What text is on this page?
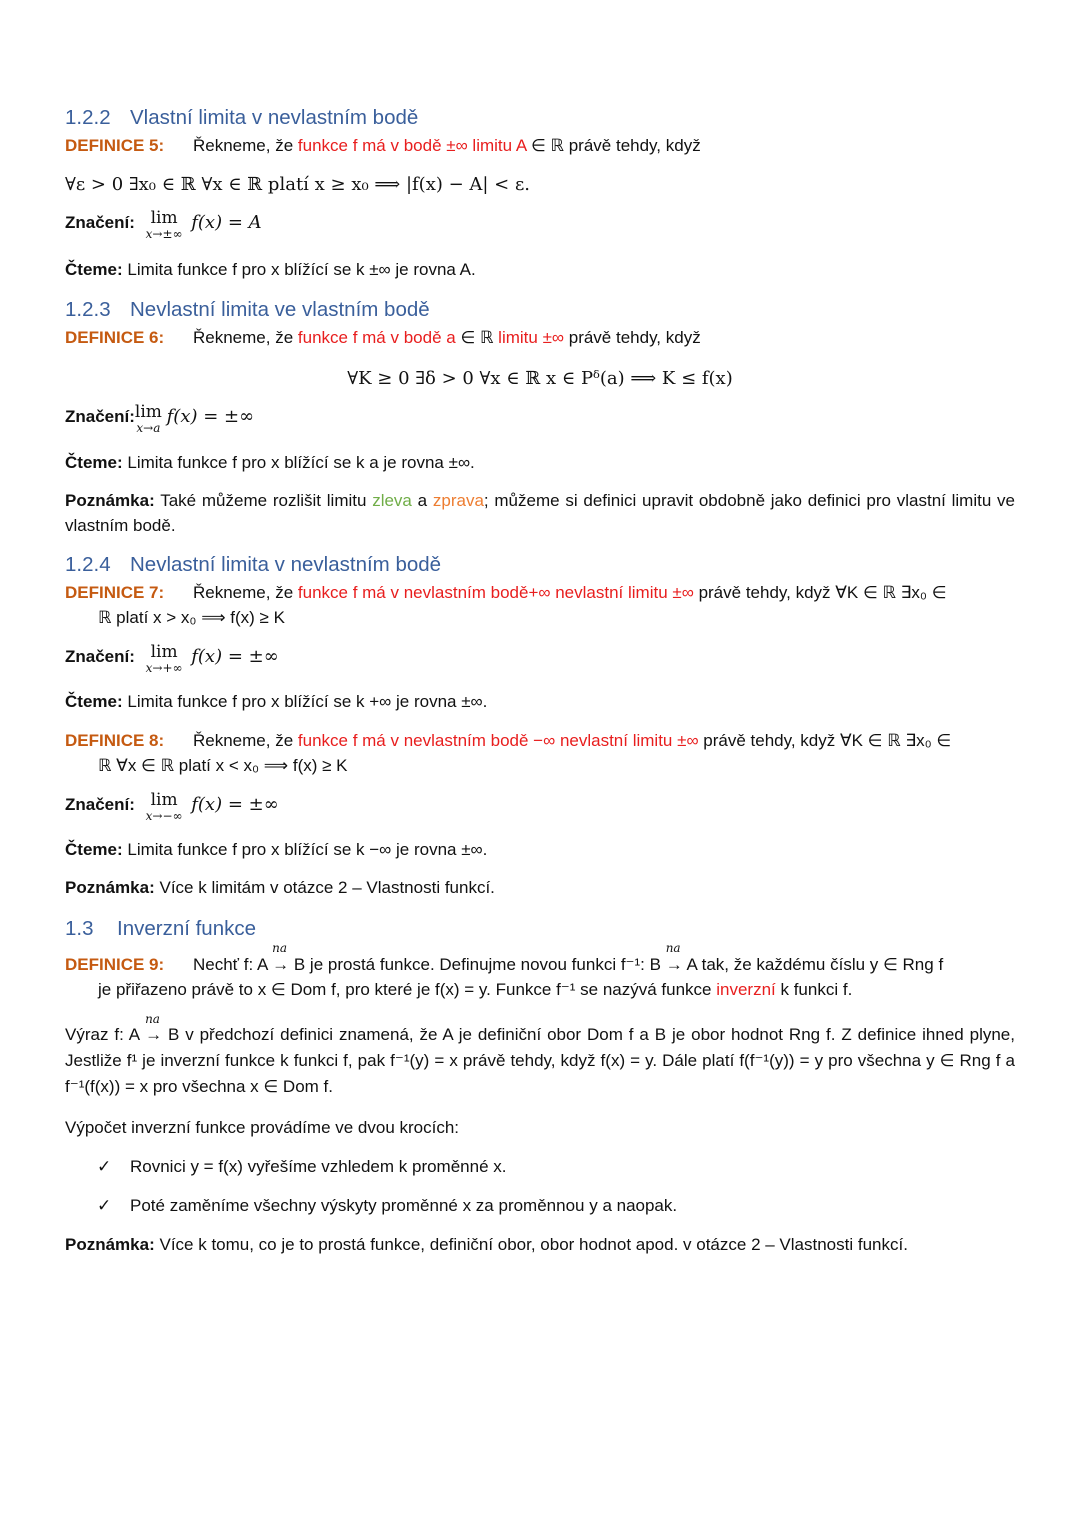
1.2.2 Vlastní limita v nevlastním bodě
DEFINICE 5: Řekneme, že funkce f má v bodě ±∞ limitu A ∈ ℝ právě tehdy, když
∀ε > 0 ∃x₀ ∈ ℝ ∀x ∈ ℝ platí x ≥ x₀ ⟹ |f(x) − A| < ε.
Značení: lim
x→±∞
f(x) = A
Čteme: Limita funkce f pro x blížící se k ±∞ je rovna A.
1.2.3 Nevlastní limita ve vlastním bodě
DEFINICE 6: Řekneme, že funkce f má v bodě a ∈ ℝ limitu ±∞ právě tehdy, když
∀K ≥ 0 ∃δ > 0 ∀x ∈ ℝ x ∈ Pᵟ(a) ⟹ K ≤ f(x)
Značení:lim
x→a
f(x) = ±∞
Čteme: Limita funkce f pro x blížící se k a je rovna ±∞.
Poznámka: Také můžeme rozlišit limitu zleva a zprava; můžeme si definici upravit obdobně jako definici pro vlastní limitu ve vlastním bodě.
1.2.4 Nevlastní limita v nevlastním bodě
DEFINICE 7: Řekneme, že funkce f má v nevlastním bodě+∞ nevlastní limitu ±∞ právě tehdy, když ∀K ∈ ℝ ∃x₀ ∈
ℝ platí x > x₀ ⟹ f(x) ≥ K
Značení: lim
x→+∞
f(x) = ±∞
Čteme: Limita funkce f pro x blížící se k +∞ je rovna ±∞.
DEFINICE 8: Řekneme, že funkce f má v nevlastním bodě −∞ nevlastní limitu ±∞ právě tehdy, když ∀K ∈ ℝ ∃x₀ ∈
ℝ ∀x ∈ ℝ platí x < x₀ ⟹ f(x) ≥ K
Značení: lim
x→−∞
f(x) = ±∞
Čteme: Limita funkce f pro x blížící se k −∞ je rovna ±∞.
Poznámka: Více k limitám v otázce 2 – Vlastnosti funkcí.
1.3 Inverzní funkce
DEFINICE 9: Nechť f: A
na
→ B je prostá funkce. Definujme novou funkci f⁻¹: B
na
→ A tak, že každému číslu y ∈ Rng f
je přiřazeno právě to x ∈ Dom f, pro které je f(x) = y. Funkce f⁻¹ se nazývá funkce inverzní k funkci f.
Výraz f: A
na
→ B v předchozí definici znamená, že A je definiční obor Dom f a B je obor hodnot Rng f. Z definice ihned plyne, Jestliže f¹ je inverzní funkce k funkci f, pak f⁻¹(y) = x právě tehdy, když f(x) = y. Dále platí f(f⁻¹(y)) = y pro všechna y ∈ Rng f a f⁻¹(f(x)) = x pro všechna x ∈ Dom f.
Výpočet inverzní funkce provádíme ve dvou krocích:
✓ Rovnici y = f(x) vyřešíme vzhledem k proměnné x.
✓ Poté zaměníme všechny výskyty proměnné x za proměnnou y a naopak.
Poznámka: Více k tomu, co je to prostá funkce, definiční obor, obor hodnot apod. v otázce 2 – Vlastnosti funkcí.
